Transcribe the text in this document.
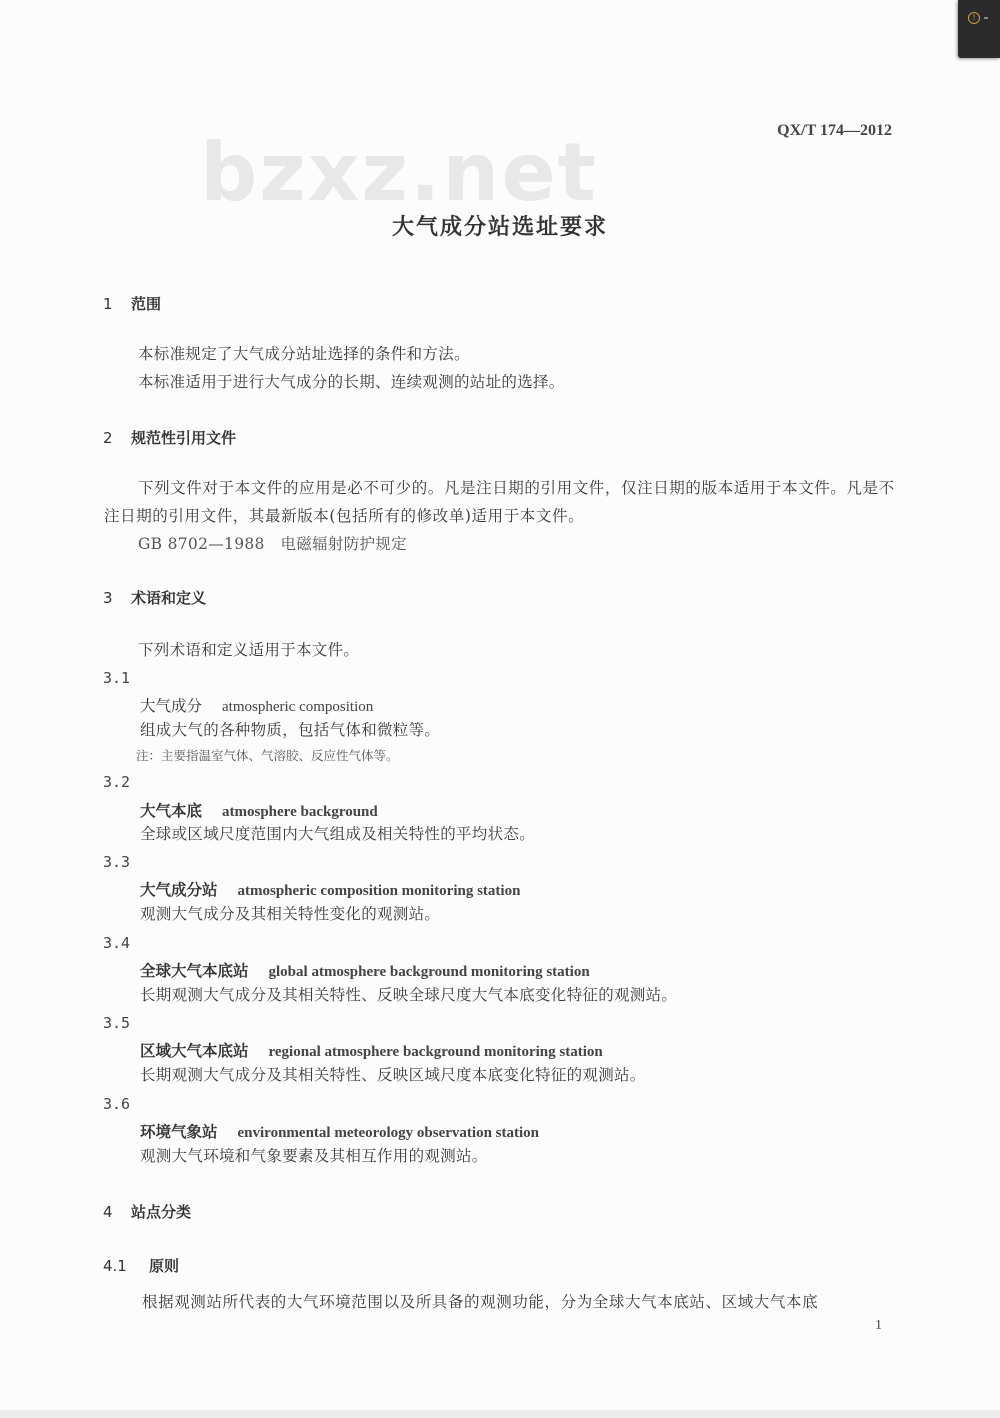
!
QX/T 174—2012
bzxz.net
大气成分站选址要求
1 范围
本标准规定了大气成分站址选择的条件和方法。
本标准适用于进行大气成分的长期、连续观测的站址的选择。
2 规范性引用文件
下列文件对于本文件的应用是必不可少的。凡是注日期的引用文件，仅注日期的版本适用于本文件。凡是不注日期的引用文件，其最新版本(包括所有的修改单)适用于本文件。
GB 8702—1988　电磁辐射防护规定
3 术语和定义
下列术语和定义适用于本文件。
3.1
大气成分 atmospheric composition
组成大气的各种物质，包括气体和微粒等。
注：主要指温室气体、气溶胶、反应性气体等。
3.2
大气本底 atmosphere background
全球或区域尺度范围内大气组成及相关特性的平均状态。
3.3
大气成分站 atmospheric composition monitoring station
观测大气成分及其相关特性变化的观测站。
3.4
全球大气本底站 global atmosphere background monitoring station
长期观测大气成分及其相关特性、反映全球尺度大气本底变化特征的观测站。
3.5
区域大气本底站 regional atmosphere background monitoring station
长期观测大气成分及其相关特性、反映区域尺度本底变化特征的观测站。
3.6
环境气象站 environmental meteorology observation station
观测大气环境和气象要素及其相互作用的观测站。
4 站点分类
4.1 原则
根据观测站所代表的大气环境范围以及所具备的观测功能，分为全球大气本底站、区域大气本底
1
